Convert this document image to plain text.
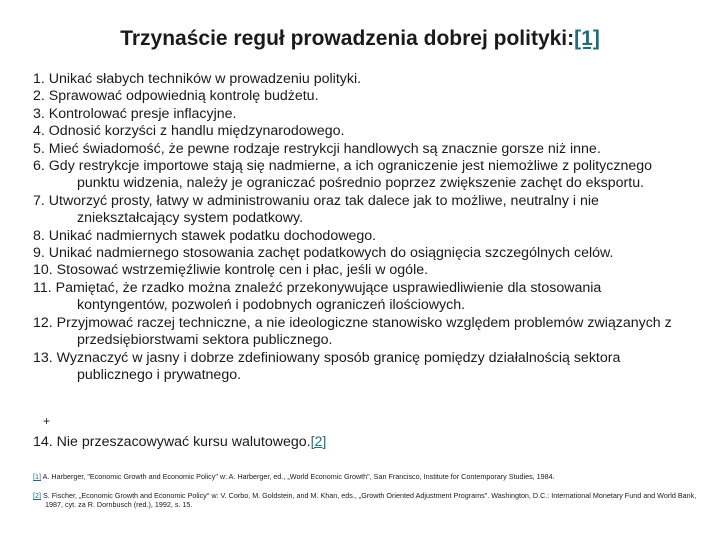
Trzynaście reguł prowadzenia dobrej polityki:[1]
1. Unikać słabych techników w prowadzeniu polityki.
2. Sprawować odpowiednią kontrolę budżetu.
3. Kontrolować presje inflacyjne.
4. Odnosić korzyści z handlu międzynarodowego.
5. Mieć świadomość, że pewne rodzaje restrykcji handlowych są znacznie gorsze niż inne.
6. Gdy restrykcje importowe stają się nadmierne, a ich ograniczenie jest niemożliwe z politycznego punktu widzenia, należy je ograniczać pośrednio poprzez zwiększenie zachęt do eksportu.
7. Utworzyć prosty, łatwy w administrowaniu oraz tak dalece jak to możliwe, neutralny i nie zniekształcający system podatkowy.
8. Unikać nadmiernych stawek podatku dochodowego.
9. Unikać nadmiernego stosowania zachęt podatkowych do osiągnięcia szczególnych celów.
10. Stosować wstrzemięźliwie kontrolę cen i płac, jeśli w ogóle.
11. Pamiętać, że rzadko można znaleźć przekonywujące usprawiedliwienie dla stosowania kontyngentów, pozwoleń i podobnych ograniczeń ilościowych.
12. Przyjmować raczej techniczne, a nie ideologiczne stanowisko względem problemów związanych z przedsiębiorstwami sektora publicznego.
13. Wyznaczyć w jasny i dobrze zdefiniowany sposób granicę pomiędzy działalnością sektora publicznego i prywatnego.
+
14. Nie przeszacowywać kursu walutowego.[2]
[1] A. Harberger, "Economic Growth and Economic Policy" w: A. Harberger, ed., „World Economic Growth", San Francisco, Institute for Contemporary Studies, 1984.
[2] S. Fischer, „Economic Growth and Economic Policy" w: V. Corbo, M. Goldstein, and M. Khan, eds., „Growth Oriented Adjustment Programs". Washington, D.C.: International Monetary Fund and World Bank, 1987, cyt. za R. Dornbusch (red.), 1992, s. 15.
